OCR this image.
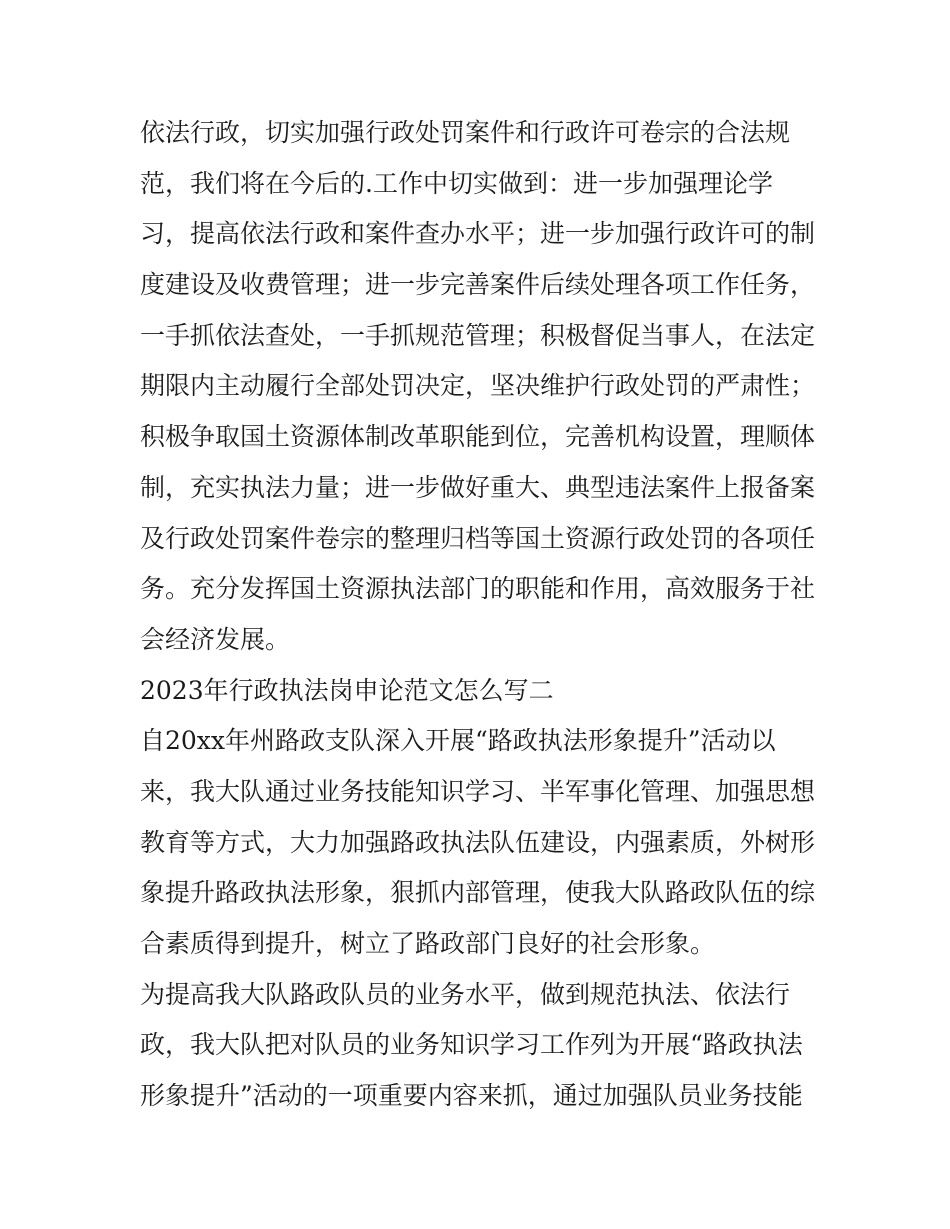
依法行政，切实加强行政处罚案件和行政许可卷宗的合法规
范，我们将在今后的.工作中切实做到：进一步加强理论学
习，提高依法行政和案件查办水平；进一步加强行政许可的制
度建设及收费管理；进一步完善案件后续处理各项工作任务，
一手抓依法查处，一手抓规范管理；积极督促当事人，在法定
期限内主动履行全部处罚决定，坚决维护行政处罚的严肃性；
积极争取国土资源体制改革职能到位，完善机构设置，理顺体
制，充实执法力量；进一步做好重大、典型违法案件上报备案
及行政处罚案件卷宗的整理归档等国土资源行政处罚的各项任
务。充分发挥国土资源执法部门的职能和作用，高效服务于社
会经济发展。
2023年行政执法岗申论范文怎么写二
自20xx年州路政支队深入开展“路政执法形象提升”活动以
来，我大队通过业务技能知识学习、半军事化管理、加强思想
教育等方式，大力加强路政执法队伍建设，内强素质，外树形
象提升路政执法形象，狠抓内部管理，使我大队路政队伍的综
合素质得到提升，树立了路政部门良好的社会形象。
为提高我大队路政队员的业务水平，做到规范执法、依法行
政，我大队把对队员的业务知识学习工作列为开展“路政执法
形象提升”活动的一项重要内容来抓，通过加强队员业务技能
